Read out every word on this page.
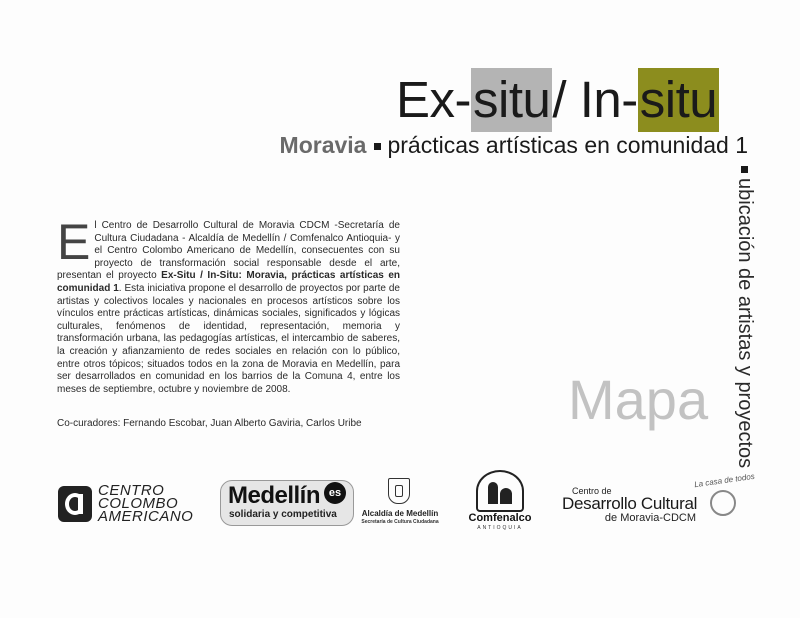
Ex-situ/ In-situ
Moravia prácticas artísticas en comunidad 1
ubicación de artistas y proyectos
Mapa
El Centro de Desarrollo Cultural de Moravia CDCM -Secretaría de Cultura Ciudadana - Alcaldía de Medellín / Comfenalco Antioquia- y el Centro Colombo Americano de Medellín, consecuentes con su proyecto de transformación social responsable desde el arte, presentan el proyecto Ex-Situ / In-Situ: Moravia, prácticas artísticas en comunidad 1. Esta iniciativa propone el desarrollo de proyectos por parte de artistas y colectivos locales y nacionales en procesos artísticos sobre los vínculos entre prácticas artísticas, dinámicas sociales, significados y lógicas culturales, fenómenos de identidad, representación, memoria y transformación urbana, las pedagogías artísticas, el intercambio de saberes, la creación y afianzamiento de redes sociales en relación con lo público, entre otros tópicos; situados todos en la zona de Moravia en Medellín, para ser desarrollados en comunidad en los barrios de la Comuna 4, entre los meses de septiembre, octubre y noviembre de 2008.
Co-curadores: Fernando Escobar, Juan Alberto Gaviria, Carlos Uribe
CENTRO
COLOMBO
AMERICANO
Medellín es
solidaria y competitiva	Alcaldía de Medellín
Secretaría de Cultura Ciudadana	Comfenalco
ANTIOQUIA
Centro de
Desarrollo Cultural
de Moravia-CDCM
La casa de todos
